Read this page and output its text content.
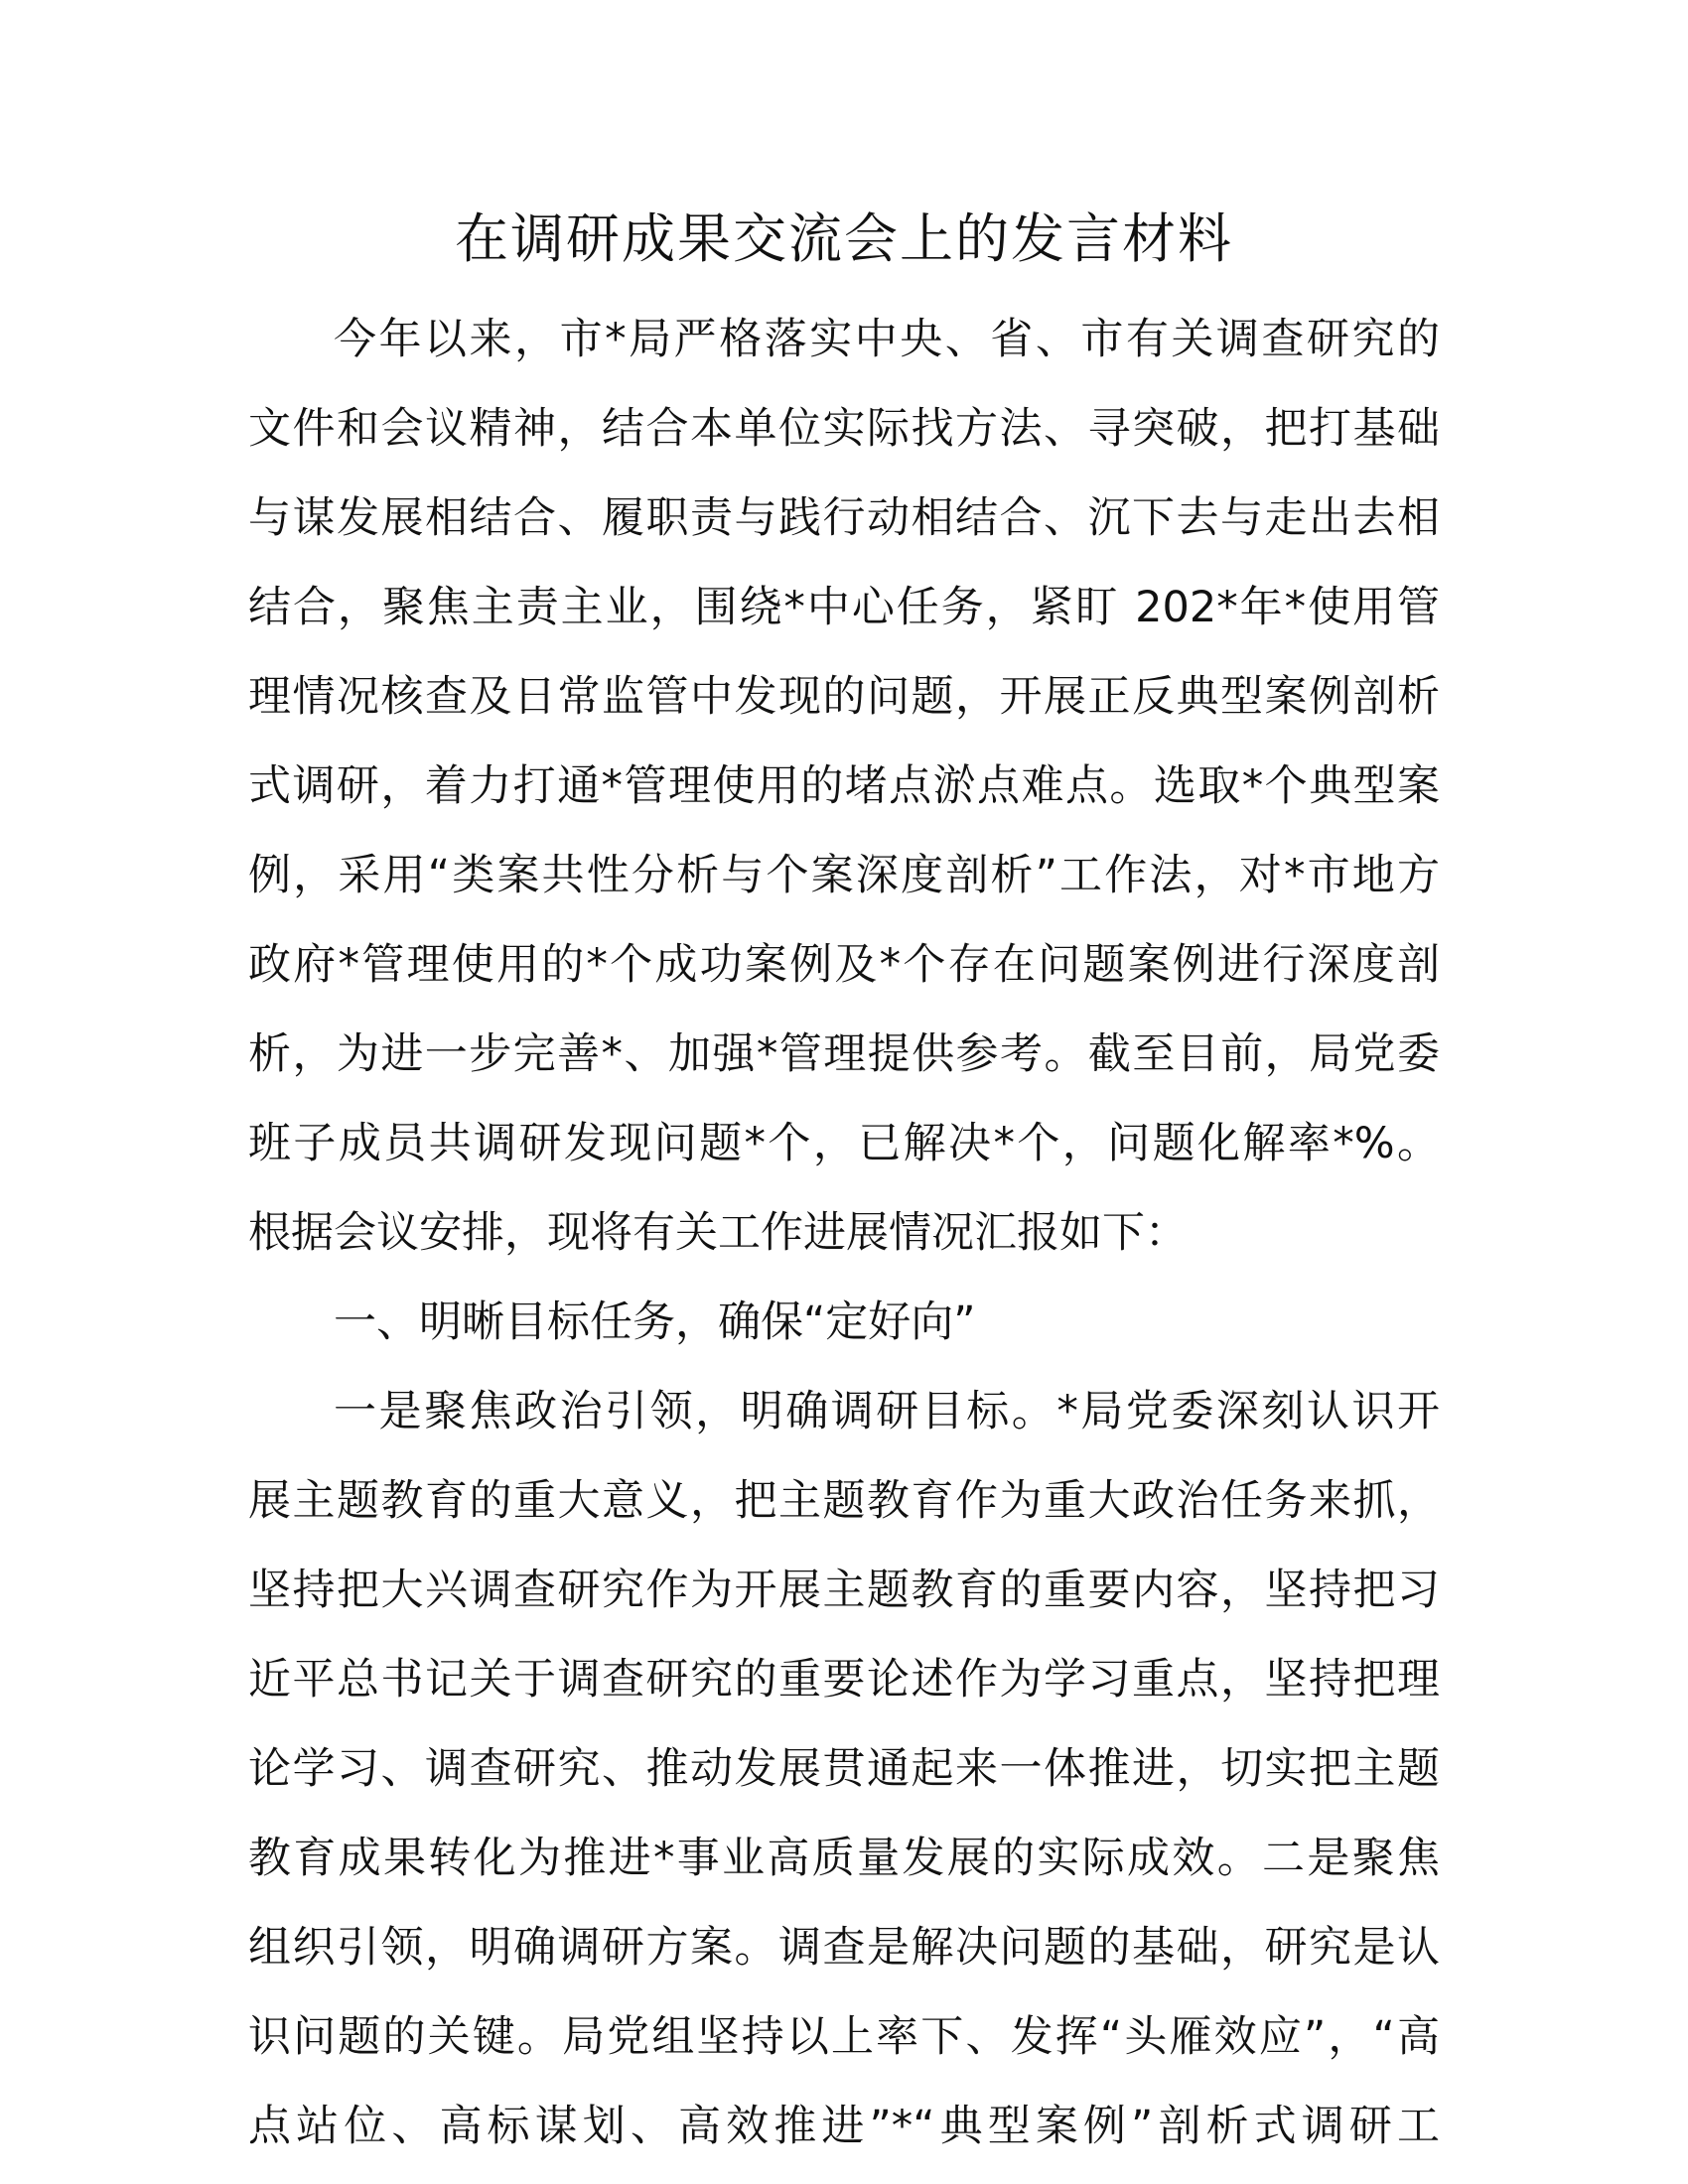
在调研成果交流会上的发言材料

今年以来，市*局严格落实中央、省、市有关调查研究的

文件和会议精神，结合本单位实际找方法、寻突破，把打基础

与谋发展相结合、履职责与践行动相结合、沉下去与走出去相

结合，聚焦主责主业，围绕*中心任务，紧盯 202*年*使用管

理情况核查及日常监管中发现的问题，开展正反典型案例剖析

式调研，着力打通*管理使用的堵点淤点难点。选取*个典型案

例，采用“类案共性分析与个案深度剖析”工作法，对*市地方

政府*管理使用的*个成功案例及*个存在问题案例进行深度剖

析，为进一步完善*、加强*管理提供参考。截至目前，局党委

班子成员共调研发现问题*个，已解决*个，问题化解率*%。

根据会议安排，现将有关工作进展情况汇报如下：

一、明晰目标任务，确保“定好向”

一是聚焦政治引领，明确调研目标。*局党委深刻认识开

展主题教育的重大意义，把主题教育作为重大政治任务来抓，

坚持把大兴调查研究作为开展主题教育的重要内容，坚持把习

近平总书记关于调查研究的重要论述作为学习重点，坚持把理

论学习、调查研究、推动发展贯通起来一体推进，切实把主题

教育成果转化为推进*事业高质量发展的实际成效。二是聚焦

组织引领，明确调研方案。调查是解决问题的基础，研究是认

识问题的关键。局党组坚持以上率下、发挥“头雁效应”，“高

点站位、高标谋划、高效推进”*“典型案例”剖析式调研工
